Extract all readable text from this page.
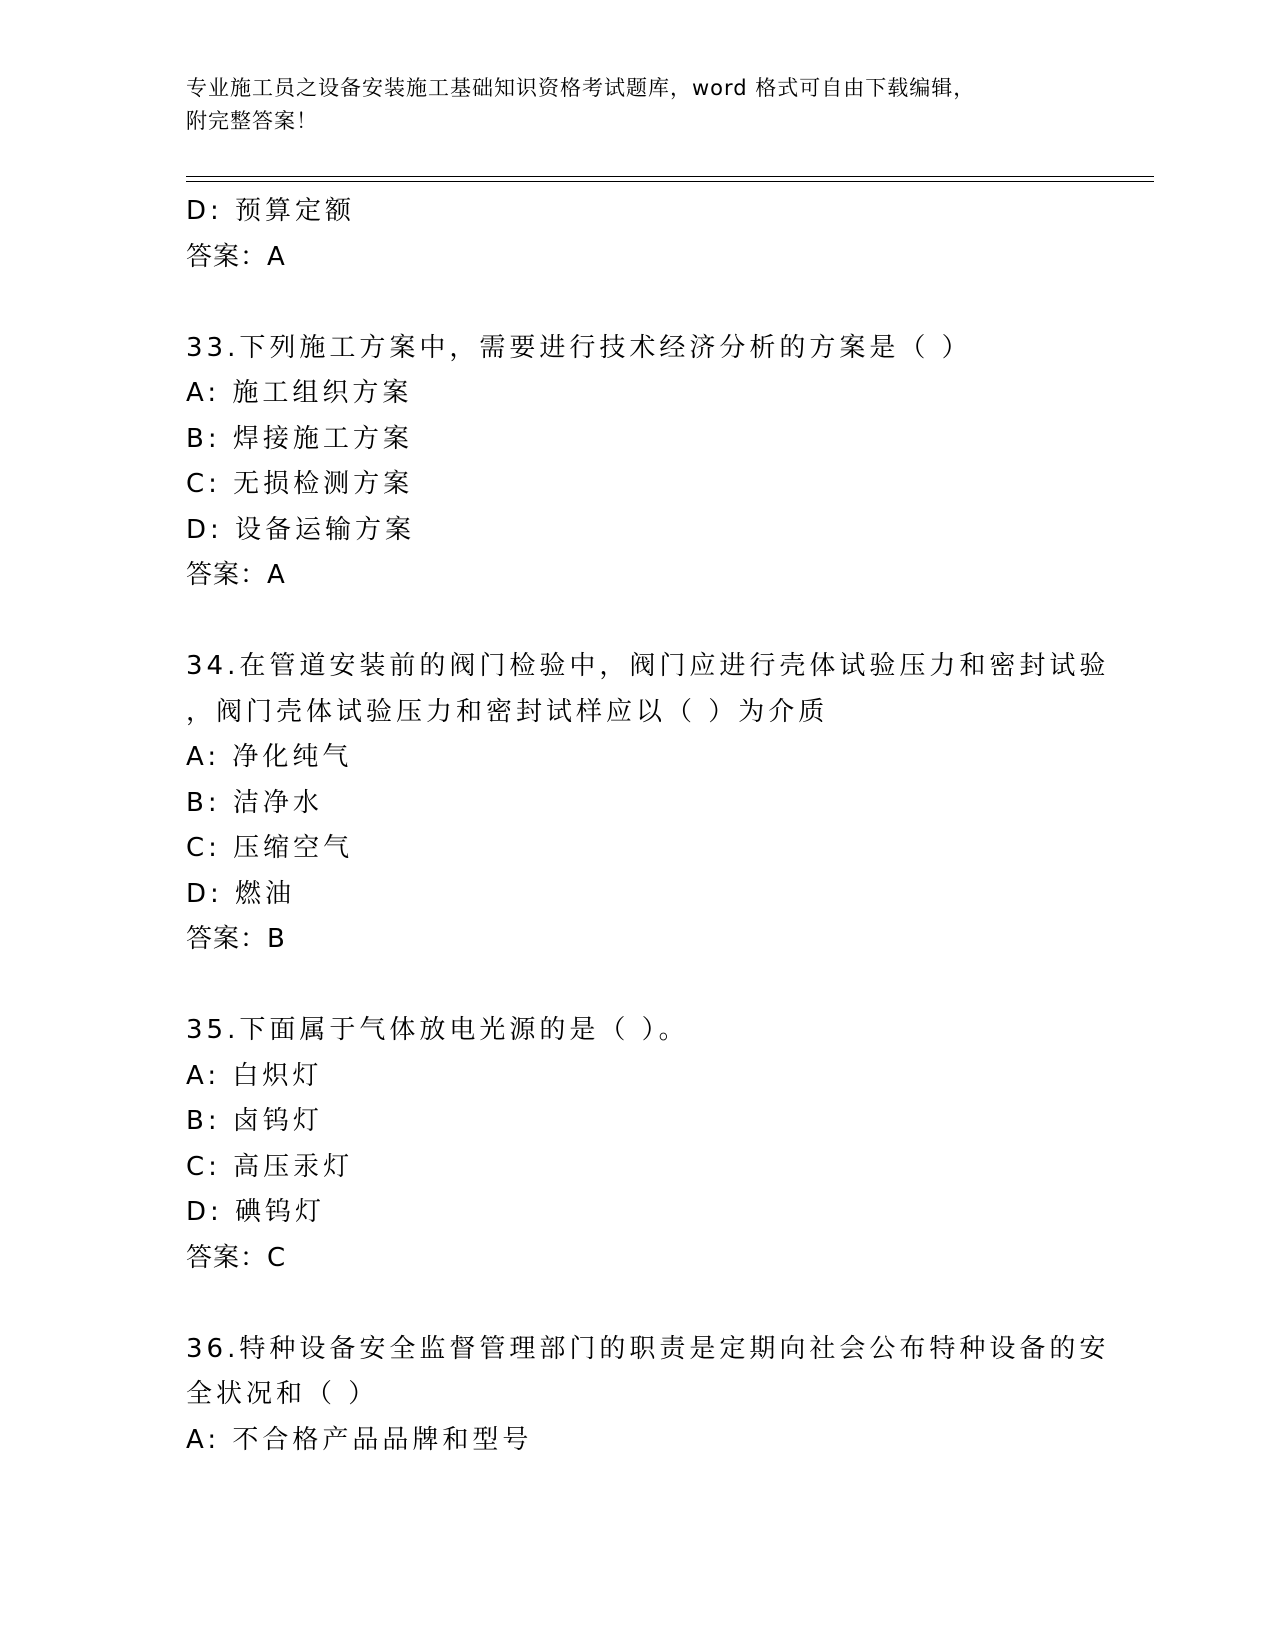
专业施工员之设备安装施工基础知识资格考试题库，word 格式可自由下载编辑，
附完整答案！
D: 预算定额
答案：A
33.下列施工方案中，需要进行技术经济分析的方案是（ ）
A: 施工组织方案
B: 焊接施工方案
C: 无损检测方案
D: 设备运输方案
答案：A
34.在管道安装前的阀门检验中，阀门应进行壳体试验压力和密封试验
，阀门壳体试验压力和密封试样应以（ ）为介质
A: 净化纯气
B: 洁净水
C: 压缩空气
D: 燃油
答案：B
35.下面属于气体放电光源的是（ ）。
A: 白炽灯
B: 卤钨灯
C: 高压汞灯
D: 碘钨灯
答案：C
36.特种设备安全监督管理部门的职责是定期向社会公布特种设备的安
全状况和（ ）
A: 不合格产品品牌和型号
